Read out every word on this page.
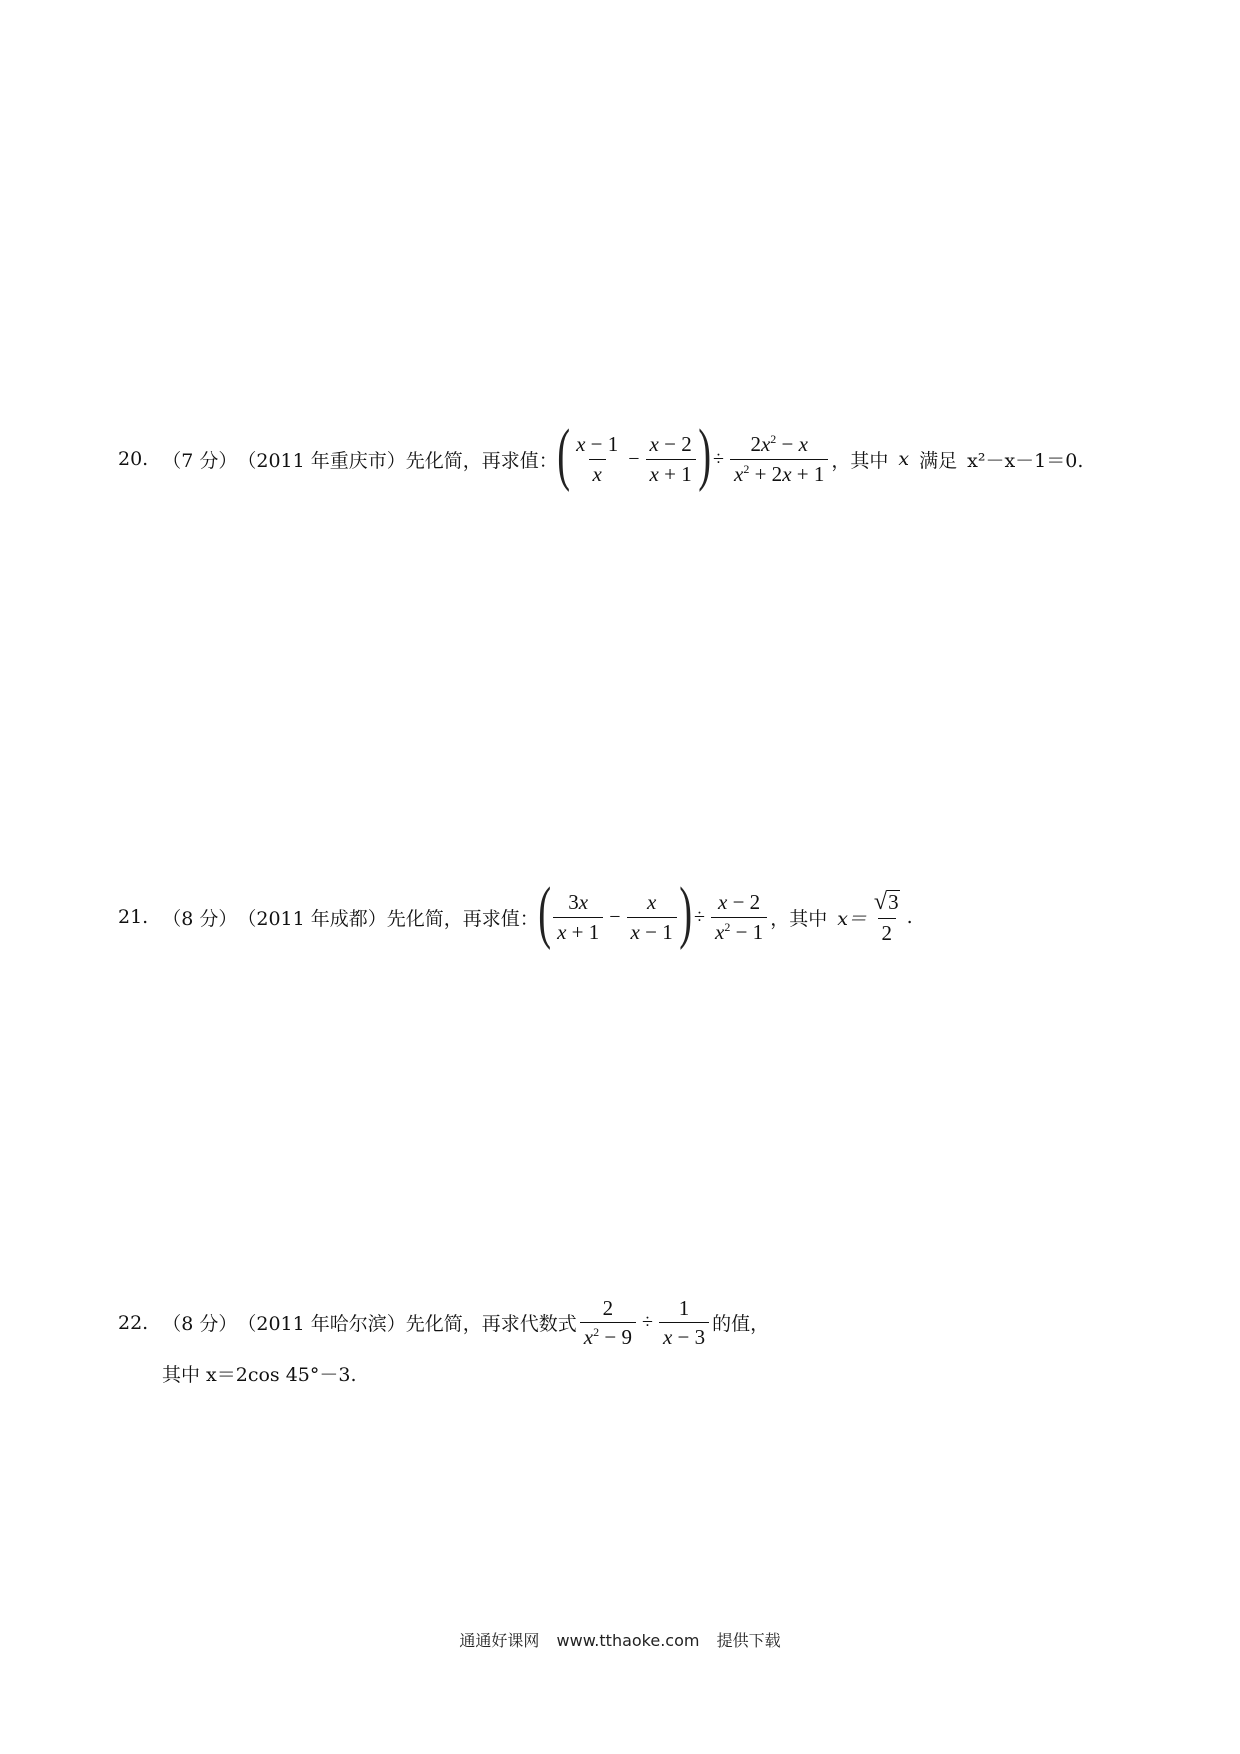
20. （7 分） （2011 年重庆市） 先化简，再求值： ( $\frac{x - 1}{x} - \frac{x - 2}{x + 1}$ ) ÷ $\frac{2x^2 - x}{x^2 + 2x + 1}$ ，其中 x 满足 x²－x－1＝0.
21. （8 分） （2011 年成都） 先化简，再求值： ( $\frac{3x}{x + 1} - \frac{x}{x - 1}$ ) ÷ $\frac{x - 2}{x^2 - 1}$ ，其中 $x= \frac{√ 3}{2}$ .
22. （8 分） （2011 年哈尔滨） 先化简，再求代数式 $\frac{2}{x^2 - 9} \div \frac{1}{x - 3}$ 的值，
其中 x＝2cos 45°－3.
通通好课网 www.tthaoke.com 提供下载
